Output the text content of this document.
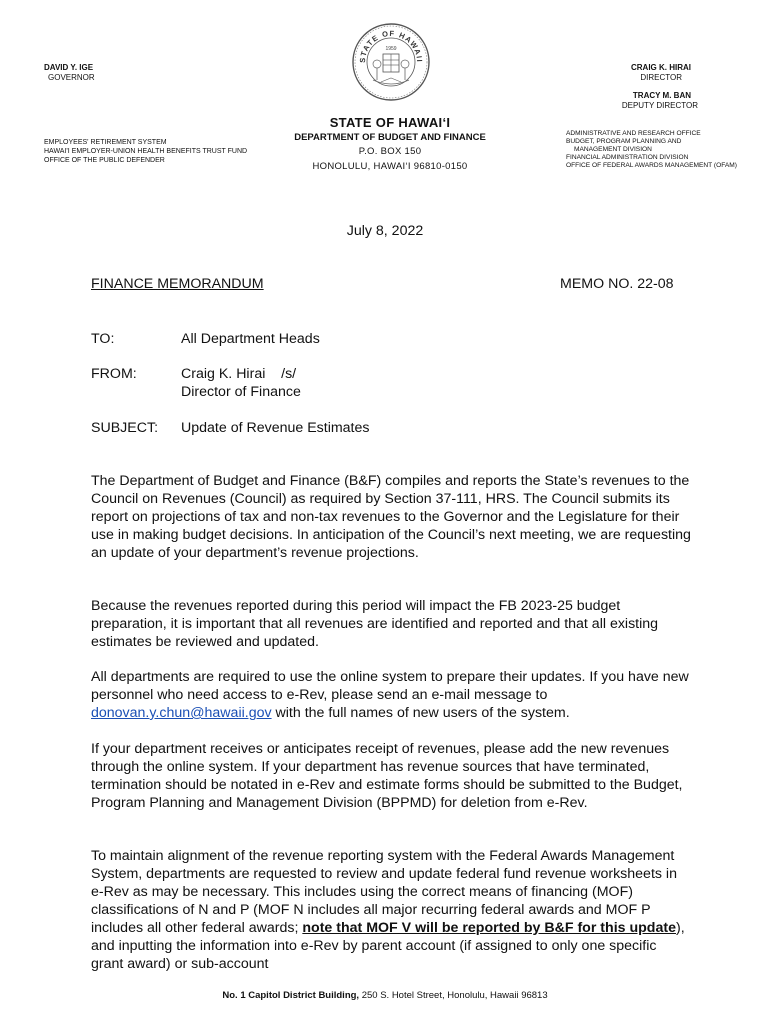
DAVID Y. IGE
GOVERNOR
EMPLOYEES' RETIREMENT SYSTEM
HAWAI'I EMPLOYER-UNION HEALTH BENEFITS TRUST FUND
OFFICE OF THE PUBLIC DEFENDER
STATE OF HAWAII
1959
STATE OF HAWAI‘I
DEPARTMENT OF BUDGET AND FINANCE
P.O. BOX 150
HONOLULU, HAWAI‘I 96810-0150
CRAIG K. HIRAI
DIRECTOR
TRACY M. BAN
DEPUTY DIRECTOR
ADMINISTRATIVE AND RESEARCH OFFICE
BUDGET, PROGRAM PLANNING AND
MANAGEMENT DIVISION
FINANCIAL ADMINISTRATION DIVISION
OFFICE OF FEDERAL AWARDS MANAGEMENT (OFAM)
July 8, 2022
FINANCE MEMORANDUM	MEMO NO. 22-08
TO:	All Department Heads
FROM:	Craig K. Hirai    /s/
Director of Finance
SUBJECT: Update of Revenue Estimates
The Department of Budget and Finance (B&F) compiles and reports the State’s revenues to the Council on Revenues (Council) as required by Section 37-111, HRS. The Council submits its report on projections of tax and non-tax revenues to the Governor and the Legislature for their use in making budget decisions. In anticipation of the Council’s next meeting, we are requesting an update of your department’s revenue projections.
Because the revenues reported during this period will impact the FB 2023-25 budget preparation, it is important that all revenues are identified and reported and that all existing estimates be reviewed and updated.
All departments are required to use the online system to prepare their updates. If you have new personnel who need access to e-Rev, please send an e-mail message to donovan.y.chun@hawaii.gov with the full names of new users of the system.
If your department receives or anticipates receipt of revenues, please add the new revenues through the online system. If your department has revenue sources that have terminated, termination should be notated in e-Rev and estimate forms should be submitted to the Budget, Program Planning and Management Division (BPPMD) for deletion from e-Rev.
To maintain alignment of the revenue reporting system with the Federal Awards Management System, departments are requested to review and update federal fund revenue worksheets in e-Rev as may be necessary. This includes using the correct means of financing (MOF) classifications of N and P (MOF N includes all major recurring federal awards and MOF P includes all other federal awards; note that MOF V will be reported by B&F for this update), and inputting the information into e-Rev by parent account (if assigned to only one specific grant award) or sub-account
No. 1 Capitol District Building, 250 S. Hotel Street, Honolulu, Hawaii 96813
